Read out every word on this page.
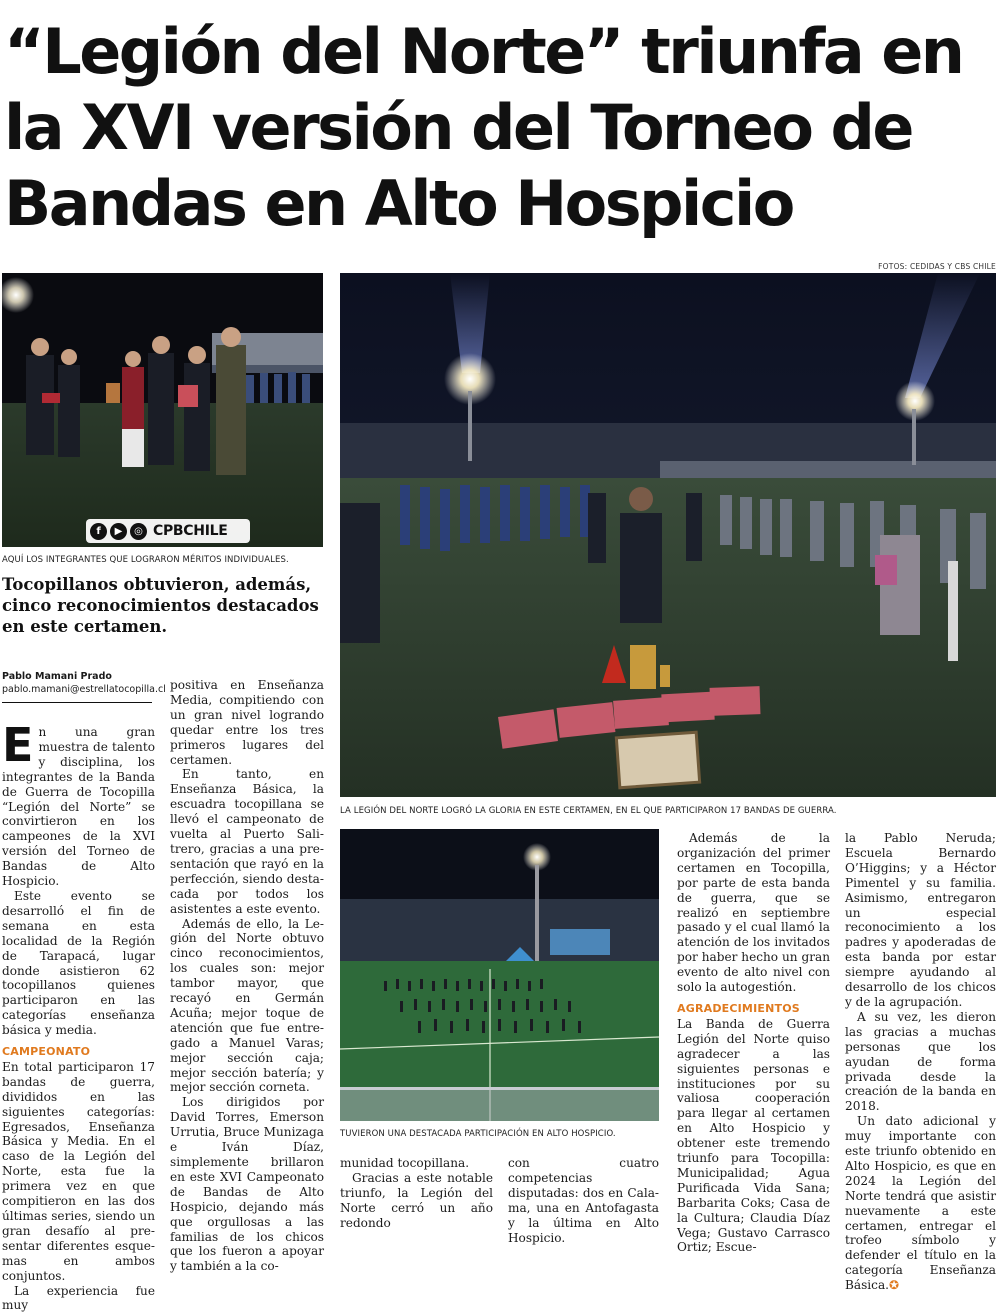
“Legión del Norte” triunfa en la XVI versión del Torneo de Bandas en Alto Hospicio
FOTOS: CEDIDAS Y CBS CHILE
f	▶	◎ CPBCHILE
AQUÍ LOS INTEGRANTES QUE LOGRARON MÉRITOS INDIVIDUALES.
Tocopillanos obtuvieron, además, cinco reconocimientos destacados en este certamen.
Pablo Mamani Prado
pablo.mamani@estrellatocopilla.cl
LA LEGIÓN DEL NORTE LOGRÓ LA GLORIA EN ESTE CERTAMEN, EN EL QUE PARTICIPARON 17 BANDAS DE GUERRA.
TUVIERON UNA DESTACADA PARTICIPACIÓN EN ALTO HOSPICIO.

En una gran muestra de talento y disciplina, los integrantes de la Banda de Guerra de Tocopilla “Legión del Norte” se convirtieron en los campeones de la XVI versión del Torneo de Bandas de Alto Hospicio.

Este evento se desarrolló el fin de semana en esta localidad de la Región de Tarapacá, lugar donde asistieron 62 tocopillanos quienes participaron en las categorías enseñanza básica y media.

CAMPEONATO

En total participaron 17 bandas de guerra, divididos en las siguientes categorías: Egresados, Enseñanza Básica y Media. En el caso de la Legión del Norte, esta fue la primera vez en que compitieron en las dos últimas series, siendo un gran desafío al presentar diferentes esquemas en ambos conjuntos.

La experiencia fue muy

positiva en Enseñanza Media, compitiendo con un gran nivel logrando quedar entre los tres primeros lugares del certamen.

En tanto, en Enseñanza Básica, la escuadra tocopillana se llevó el campeonato de vuelta al Puerto Salitrero, gracias a una presentación que rayó en la perfección, siendo destacada por todos los asistentes a este evento.

Además de ello, la Legión del Norte obtuvo cinco reconocimientos, los cuales son: mejor tambor mayor, que recayó en Germán Acuña; mejor toque de atención que fue entregado a Manuel Varas; mejor sección caja; mejor sección batería; y mejor sección corneta.

Los dirigidos por David Torres, Emerson Urrutia, Bruce Munizaga e Iván Díaz, simplemente brillaron en este XVI Campeonato de Bandas de Alto Hospicio, dejando más que orgullosas a las familias de los chicos que los fueron a apoyar y también a la co-

munidad tocopillana.

Gracias a este notable triunfo, la Legión del Norte cerró un año redondo

con cuatro competencias disputadas: dos en Calama, una en Antofagasta y la última en Alto Hospicio.

Además de la organización del primer certamen en Tocopilla, por parte de esta banda de guerra, que se realizó en septiembre pasado y el cual llamó la atención de los invitados por haber hecho un gran evento de alto nivel con solo la autogestión.

AGRADECIMIENTOS

La Banda de Guerra Legión del Norte quiso agradecer a las siguientes personas e instituciones por su valiosa cooperación para llegar al certamen en Alto Hospicio y obtener este tremendo triunfo para Tocopilla: Municipalidad; Agua Purificada Vida Sana; Barbarita Coks; Casa de la Cultura; Claudia Díaz Vega; Gustavo Carrasco Ortiz; Escue-

la Pablo Neruda; Escuela Bernardo O’Higgins; y a Héctor Pimentel y su familia. Asimismo, entregaron un especial reconocimiento a los padres y apoderadas de esta banda por estar siempre ayudando al desarrollo de los chicos y de la agrupación.

A su vez, les dieron las gracias a muchas personas que los ayudan de forma privada desde la creación de la banda en 2018.

Un dato adicional y muy importante con este triunfo obtenido en Alto Hospicio, es que en 2024 la Legión del Norte tendrá que asistir nuevamente a este certamen, entregar el trofeo símbolo y defender el título en la categoría Enseñanza Básica.✪
